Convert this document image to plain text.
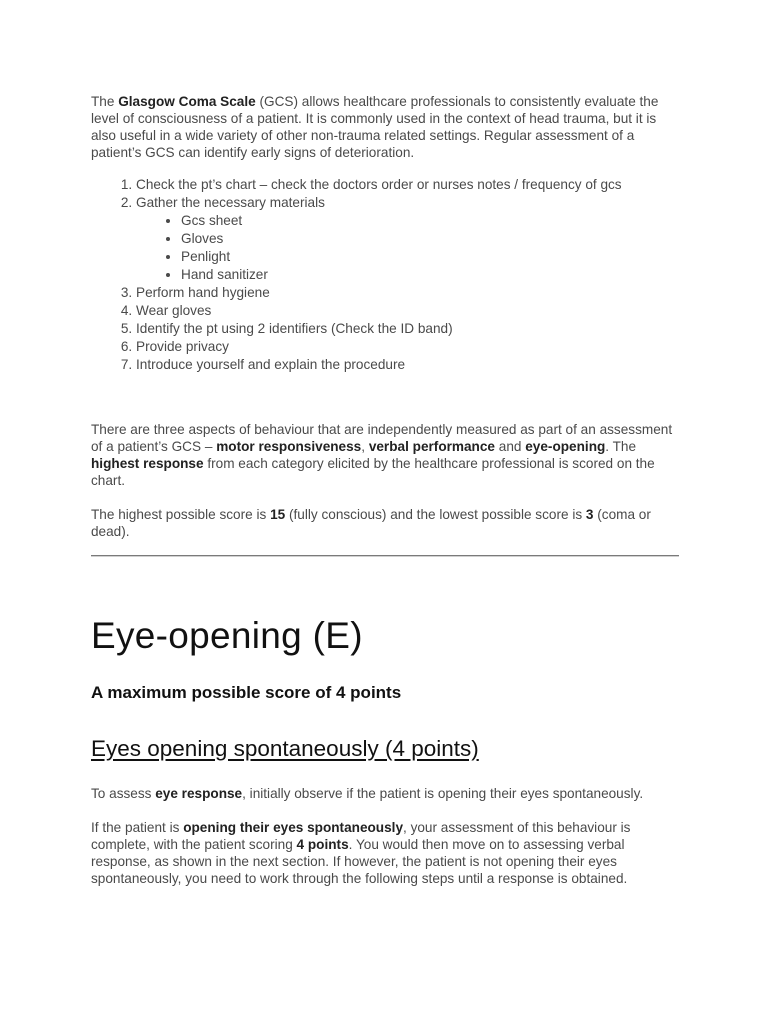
The Glasgow Coma Scale (GCS) allows healthcare professionals to consistently evaluate the level of consciousness of a patient. It is commonly used in the context of head trauma, but it is also useful in a wide variety of other non-trauma related settings. Regular assessment of a patient’s GCS can identify early signs of deterioration.

1. Check the pt’s chart – check the doctors order or nurses notes / frequency of gcs
2. Gather the necessary materials
• Gcs sheet
• Gloves
• Penlight
• Hand sanitizer
3. Perform hand hygiene
4. Wear gloves
5. Identify the pt using 2 identifiers (Check the ID band)
6. Provide privacy
7. Introduce yourself and explain the procedure

There are three aspects of behaviour that are independently measured as part of an assessment of a patient’s GCS – motor responsiveness, verbal performance and eye-opening. The highest response from each category elicited by the healthcare professional is scored on the chart.

The highest possible score is 15 (fully conscious) and the lowest possible score is 3 (coma or dead).

Eye-opening (E)
A maximum possible score of 4 points
Eyes opening spontaneously (4 points)

To assess eye response, initially observe if the patient is opening their eyes spontaneously.

If the patient is opening their eyes spontaneously, your assessment of this behaviour is complete, with the patient scoring 4 points. You would then move on to assessing verbal response, as shown in the next section. If however, the patient is not opening their eyes spontaneously, you need to work through the following steps until a response is obtained.
